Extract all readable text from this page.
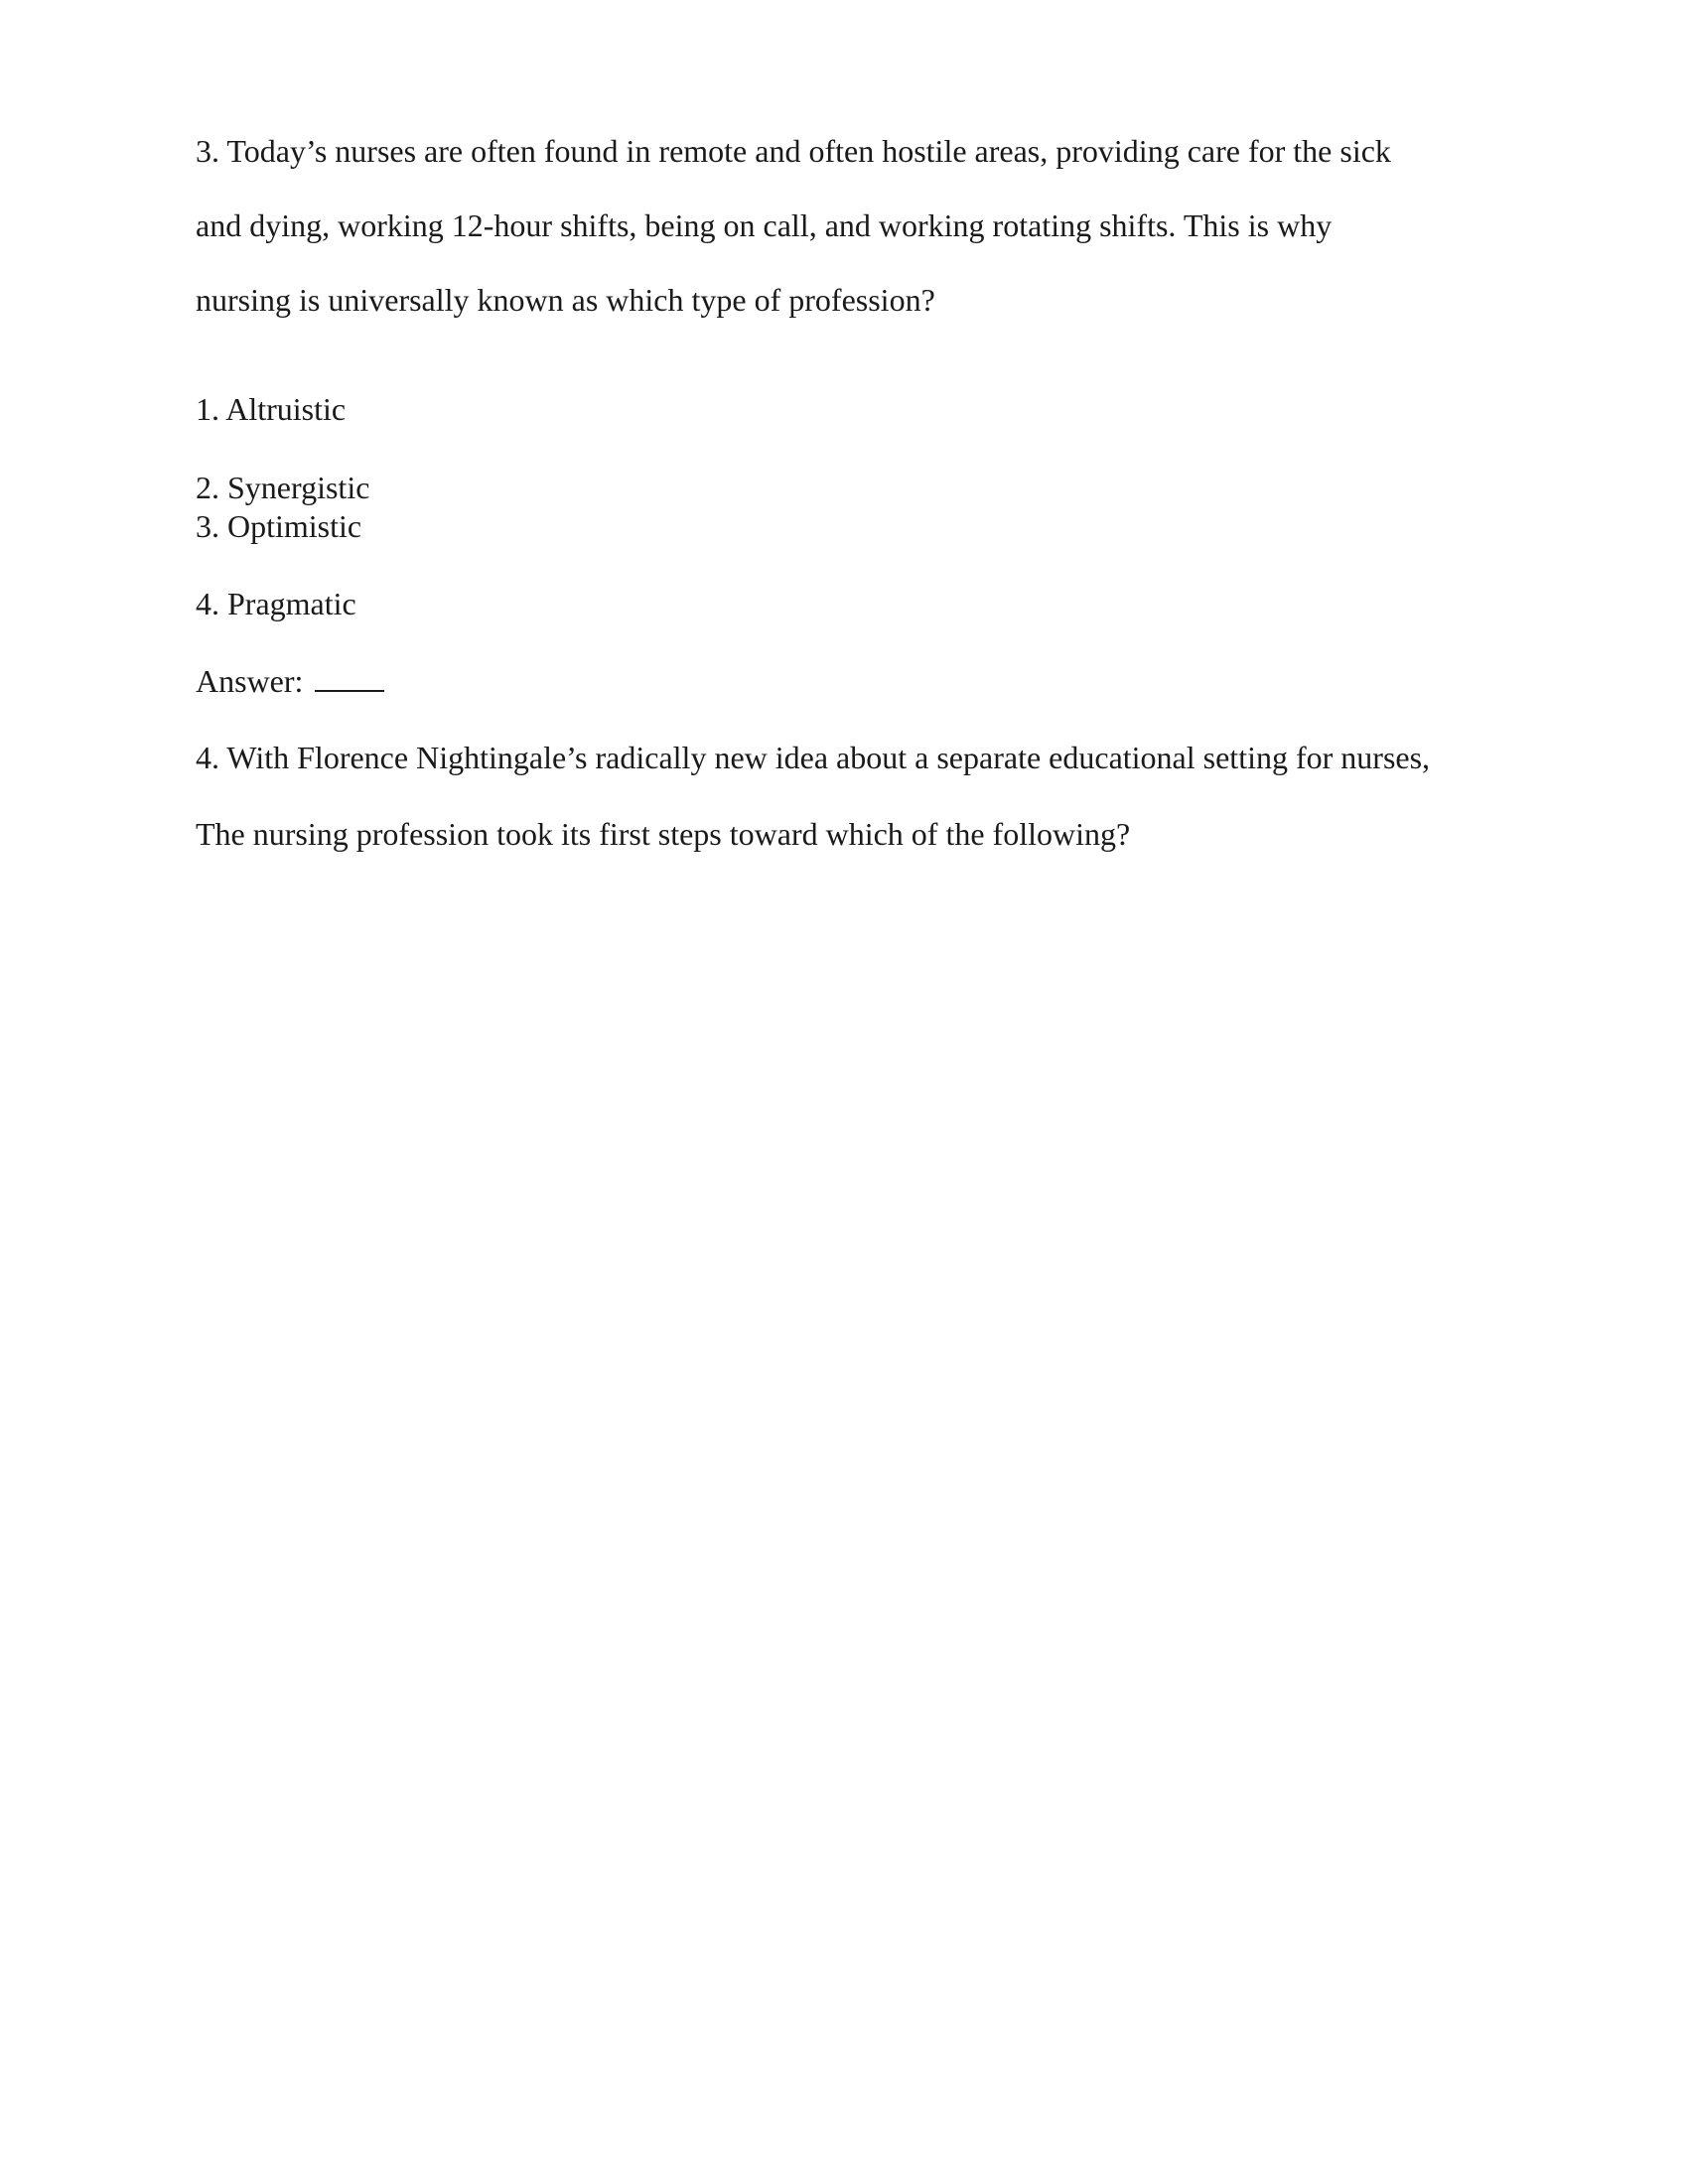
3. Today’s nurses are often found in remote and often hostile areas, providing care for the sick
and dying, working 12-hour shifts, being on call, and working rotating shifts. This is why
nursing is universally known as which type of profession?
1. Altruistic
2. Synergistic
3. Optimistic
4. Pragmatic
Answer:
4. With Florence Nightingale’s radically new idea about a separate educational setting for nurses,
The nursing profession took its first steps toward which of the following?
